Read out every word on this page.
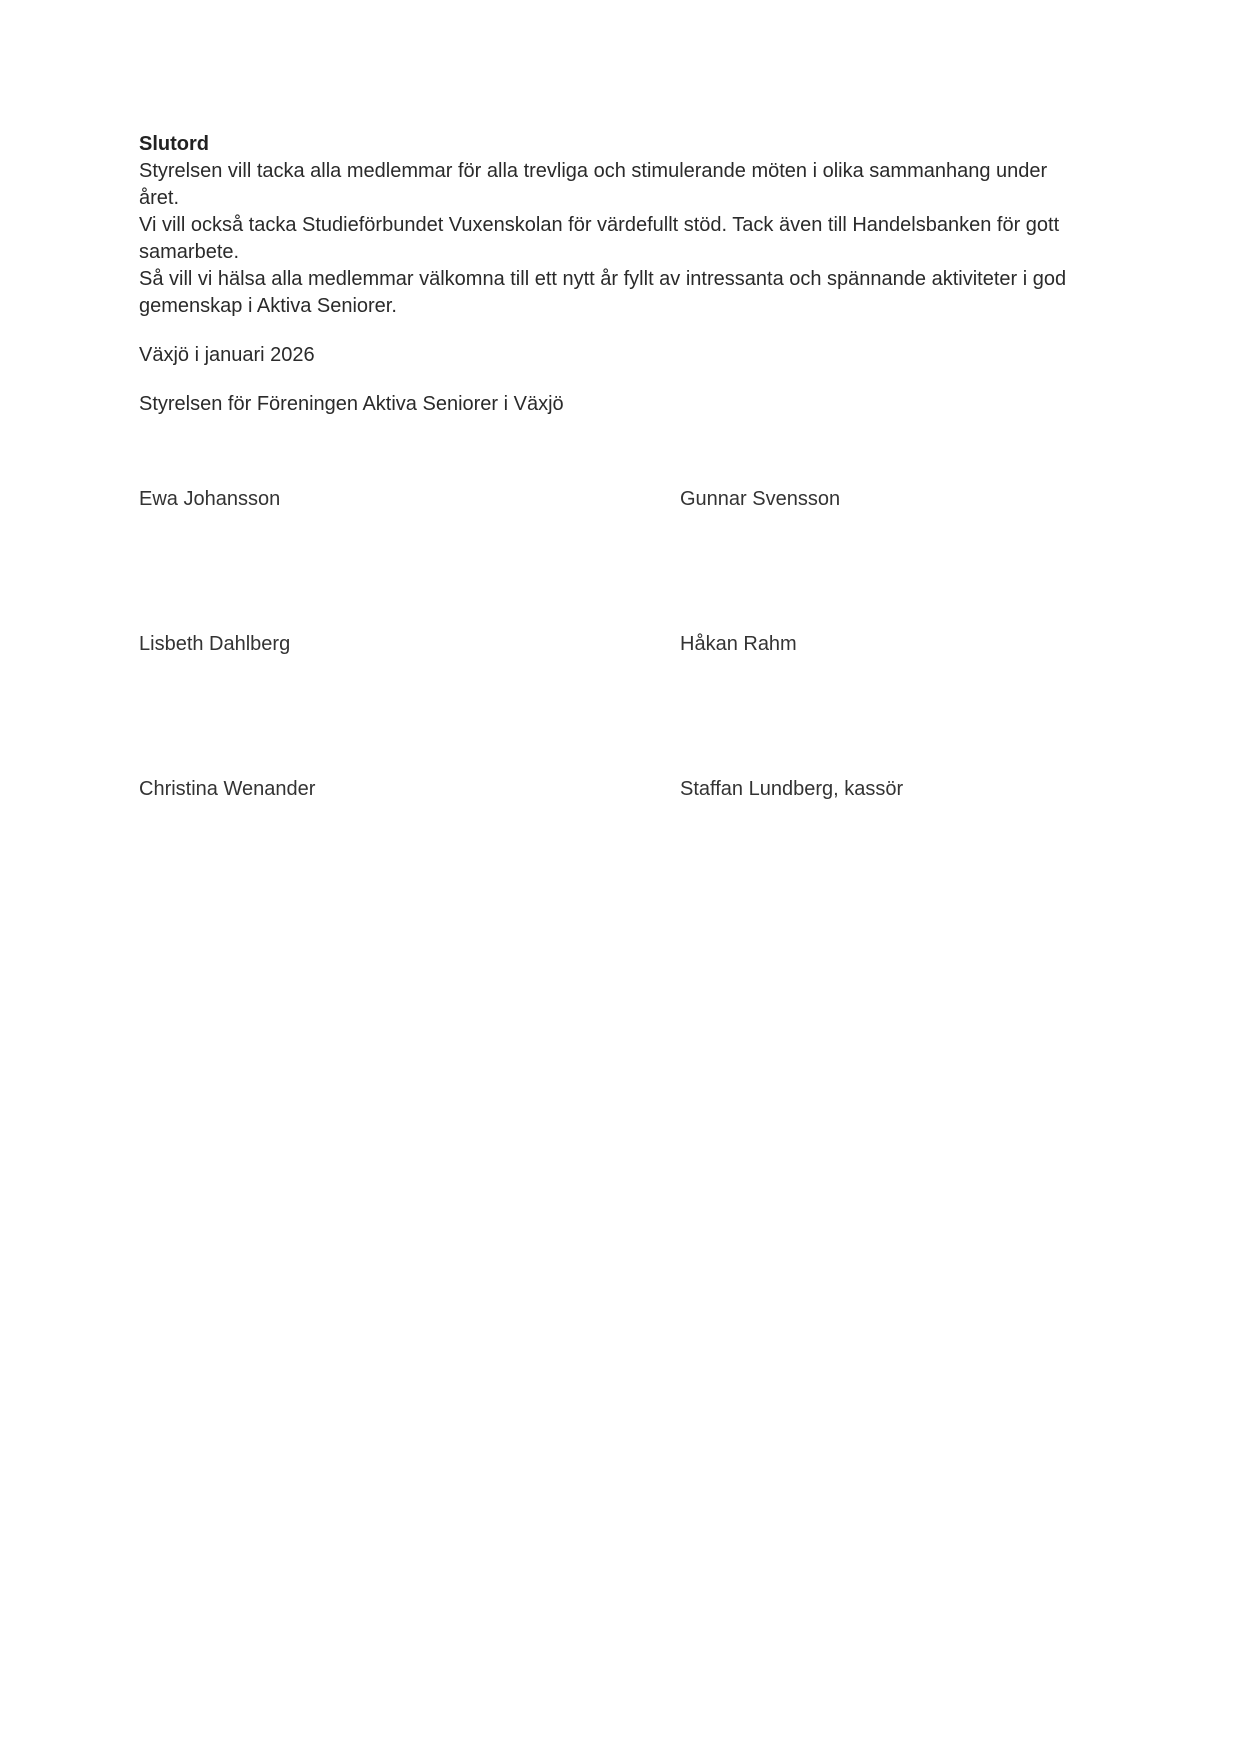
Slutord

Styrelsen vill tacka alla medlemmar för alla trevliga och stimulerande möten i olika sammanhang under året.

Vi vill också tacka Studieförbundet Vuxenskolan för värdefullt stöd. Tack även till Handelsbanken för gott samarbete.

Så vill vi hälsa alla medlemmar välkomna till ett nytt år fyllt av intressanta och spännande aktiviteter i god gemenskap i Aktiva Seniorer.

Växjö i januari 2026

Styrelsen för Föreningen Aktiva Seniorer i Växjö

Ewa Johansson	Gunnar Svensson
Lisbeth Dahlberg	Håkan Rahm
Christina Wenander	Staffan Lundberg, kassör
